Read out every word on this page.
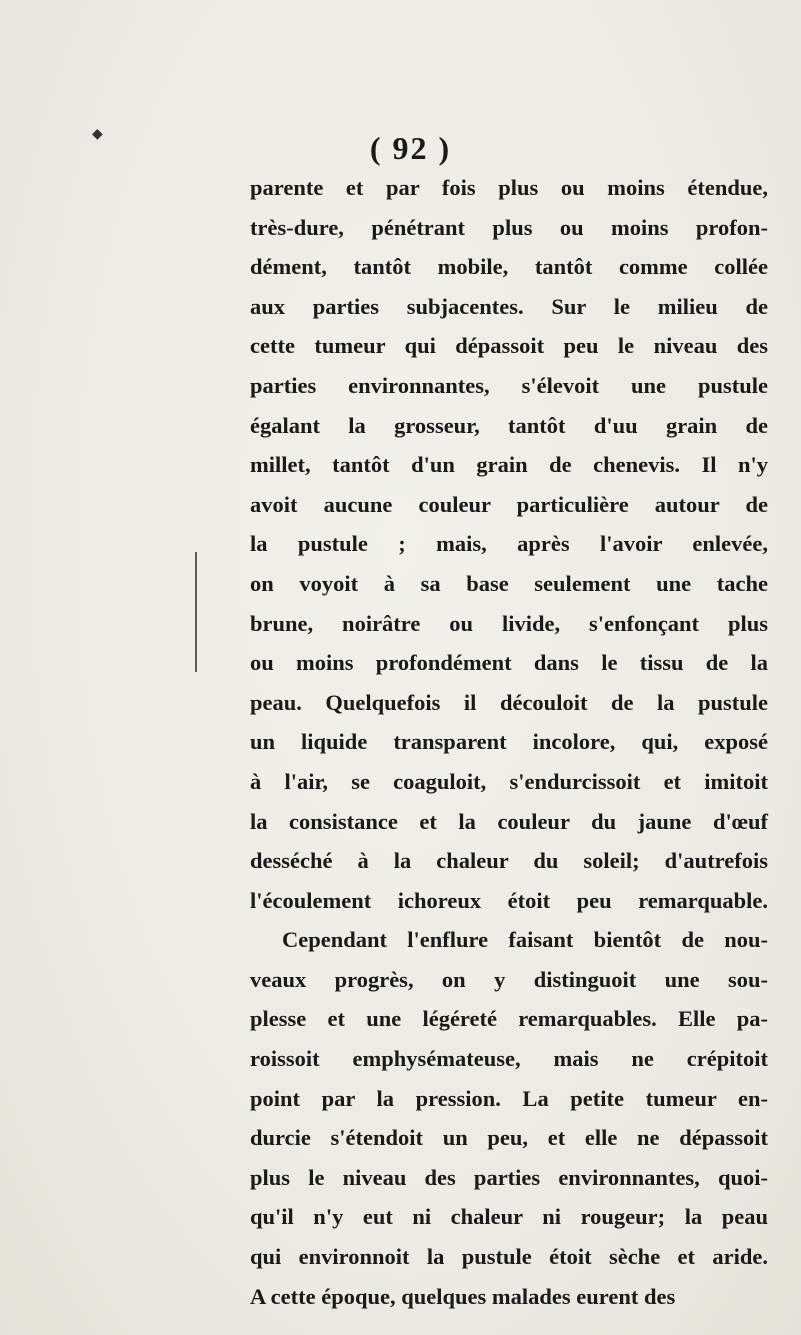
◆	( 92 )
parente et par fois plus ou moins étendue,
très-dure, pénétrant plus ou moins profon-
dément, tantôt mobile, tantôt comme collée
aux parties subjacentes. Sur le milieu de
cette tumeur qui dépassoit peu le niveau des
parties environnantes, s'élevoit une pustule
égalant la grosseur, tantôt d'uu grain de
millet, tantôt d'un grain de chenevis. Il n'y
avoit aucune couleur particulière autour de
la pustule ; mais, après l'avoir enlevée,
on voyoit à sa base seulement une tache
brune, noirâtre ou livide, s'enfonçant plus
ou moins profondément dans le tissu de la
peau. Quelquefois il découloit de la pustule
un liquide transparent incolore, qui, exposé
à l'air, se coaguloit, s'endurcissoit et imitoit
la consistance et la couleur du jaune d'œuf
desséché à la chaleur du soleil; d'autrefois
l'écoulement ichoreux étoit peu remarquable.
Cependant l'enflure faisant bientôt de nou-
veaux progrès, on y distinguoit une sou-
plesse et une légéreté remarquables. Elle pa-
roissoit emphysémateuse, mais ne crépitoit
point par la pression. La petite tumeur en-
durcie s'étendoit un peu, et elle ne dépassoit
plus le niveau des parties environnantes, quoi-
qu'il n'y eut ni chaleur ni rougeur; la peau
qui environnoit la pustule étoit sèche et aride.
A cette époque, quelques malades eurent des
